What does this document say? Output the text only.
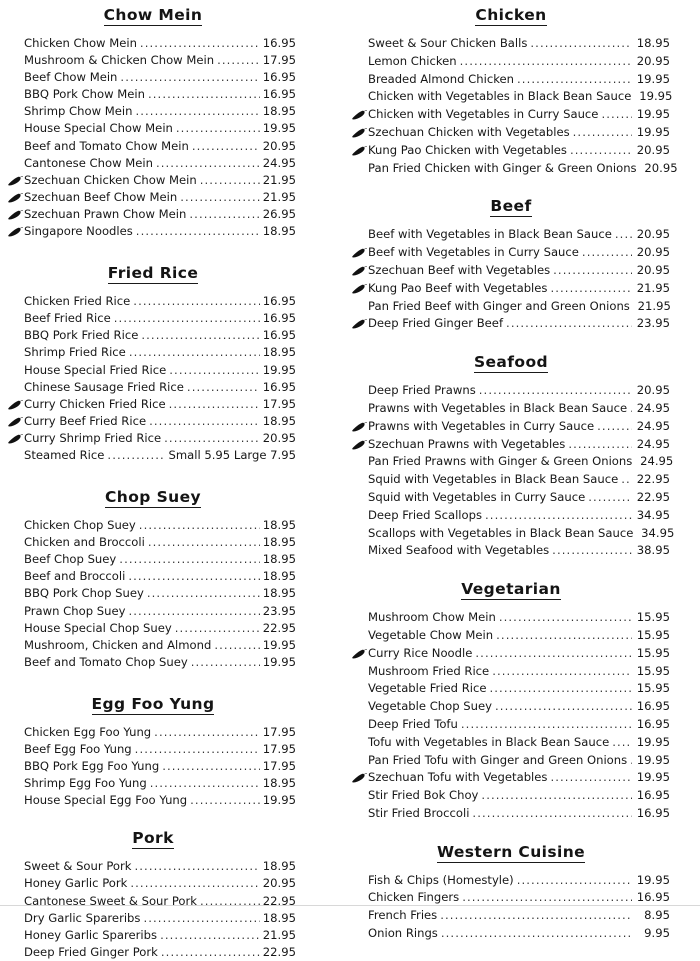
Chow Mein
Chicken Chow Mein .....	16.95
Mushroom & Chicken Chow Mein .....	17.95
Beef Chow Mein .....	16.95
BBQ Pork Chow Mein .....	16.95
Shrimp Chow Mein .....	18.95
House Special Chow Mein .....	19.95
Beef and Tomato Chow Mein .....	20.95
Cantonese Chow Mein .....	24.95
Szechuan Chicken Chow Mein .....	21.95
Szechuan Beef Chow Mein .....	21.95
Szechuan Prawn Chow Mein .....	26.95
Singapore Noodles .....	18.95
Fried Rice
Chicken Fried Rice .....	16.95
Beef Fried Rice .....	16.95
BBQ Pork Fried Rice .....	16.95
Shrimp Fried Rice .....	18.95
House Special Fried Rice .....	19.95
Chinese Sausage Fried Rice .....	16.95
Curry Chicken Fried Rice .....	17.95
Curry Beef Fried Rice .....	18.95
Curry Shrimp Fried Rice .....	20.95
Steamed Rice .....	Small 5.95 Large 7.95
Chop Suey
Chicken Chop Suey .....	18.95
Chicken and Broccoli .....	18.95
Beef Chop Suey .....	18.95
Beef and Broccoli .....	18.95
BBQ Pork Chop Suey .....	18.95
Prawn Chop Suey .....	23.95
House Special Chop Suey .....	22.95
Mushroom, Chicken and Almond .....	19.95
Beef and Tomato Chop Suey .....	19.95
Egg Foo Yung
Chicken Egg Foo Yung .....	17.95
Beef Egg Foo Yung .....	17.95
BBQ Pork Egg Foo Yung .....	17.95
Shrimp Egg Foo Yung .....	18.95
House Special Egg Foo Yung .....	19.95
Pork
Sweet & Sour Pork .....	18.95
Honey Garlic Pork .....	20.95
Cantonese Sweet & Sour Pork .....	22.95
Dry Garlic Spareribs .....	18.95
Honey Garlic Spareribs .....	21.95
Deep Fried Ginger Pork .....	22.95
Chicken
Sweet & Sour Chicken Balls .....	18.95
Lemon Chicken .....	20.95
Breaded Almond Chicken .....	19.95
Chicken with Vegetables in Black Bean Sauce 19.95
Chicken with Vegetables in Curry Sauce .....	19.95
Szechuan Chicken with Vegetables .....	19.95
Kung Pao Chicken with Vegetables .....	20.95
Pan Fried Chicken with Ginger & Green Onions 20.95
Beef
Beef with Vegetables in Black Bean Sauce ..... 20.95
Beef with Vegetables in Curry Sauce .....	20.95
Szechuan Beef with Vegetables .....	20.95
Kung Pao Beef with Vegetables .....	21.95
Pan Fried Beef with Ginger and Green Onions 21.95
Deep Fried Ginger Beef .....	23.95
Seafood
Deep Fried Prawns .....	20.95
Prawns with Vegetables in Black Bean Sauce ..... 24.95
Prawns with Vegetables in Curry Sauce .....	24.95
Szechuan Prawns with Vegetables .....	24.95
Pan Fried Prawns with Ginger & Green Onions 24.95
Squid with Vegetables in Black Bean Sauce ..... 22.95
Squid with Vegetables in Curry Sauce .....	22.95
Deep Fried Scallops .....	34.95
Scallops with Vegetables in Black Bean Sauce 34.95
Mixed Seafood with Vegetables .....	38.95
Vegetarian
Mushroom Chow Mein .....	15.95
Vegetable Chow Mein .....	15.95
Curry Rice Noodle .....	15.95
Mushroom Fried Rice .....	15.95
Vegetable Fried Rice .....	15.95
Vegetable Chop Suey .....	16.95
Deep Fried Tofu .....	16.95
Tofu with Vegetables in Black Bean Sauce ..... 19.95
Pan Fried Tofu with Ginger and Green Onions ..... 19.95
Szechuan Tofu with Vegetables .....	19.95
Stir Fried Bok Choy .....	16.95
Stir Fried Broccoli .....	16.95
Western Cuisine
Fish & Chips (Homestyle) .....	19.95
Chicken Fingers .....	16.95
French Fries .....	8.95
Onion Rings .....	9.95
